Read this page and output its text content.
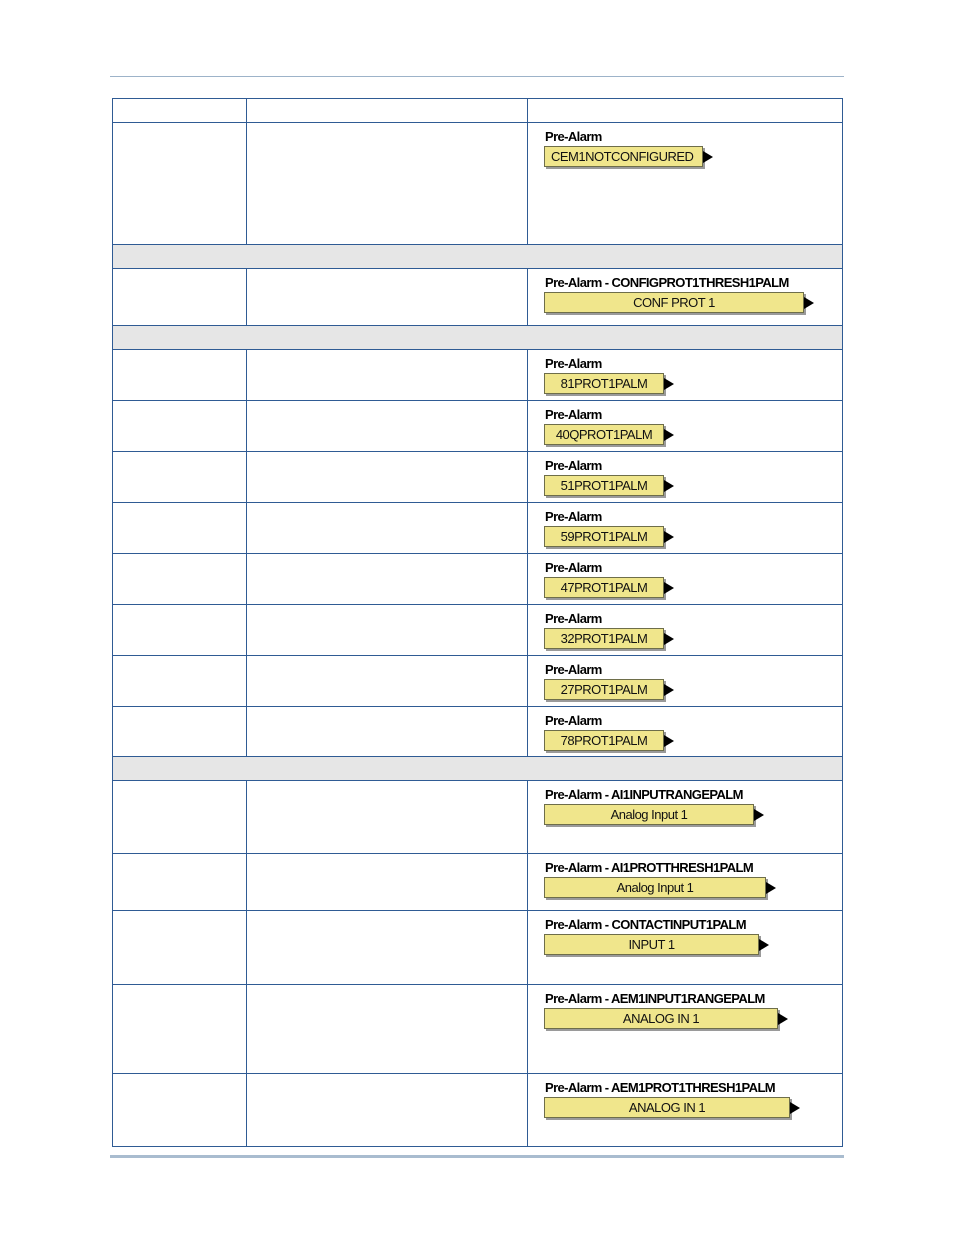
		Pre-Alarm
CEM1NOTCONFIGURED

		Pre-Alarm - CONFIGPROT1THRESH1PALM
CONF PROT 1

		Pre-Alarm
81PROT1PALM

		Pre-Alarm
40QPROT1PALM

		Pre-Alarm
51PROT1PALM

		Pre-Alarm
59PROT1PALM

		Pre-Alarm
47PROT1PALM

		Pre-Alarm
32PROT1PALM

		Pre-Alarm
27PROT1PALM

		Pre-Alarm
78PROT1PALM

		Pre-Alarm - AI1INPUTRANGEPALM
Analog Input 1

		Pre-Alarm - AI1PROTTHRESH1PALM
Analog Input 1

		Pre-Alarm - CONTACTINPUT1PALM
INPUT 1

		Pre-Alarm - AEM1INPUT1RANGEPALM
ANALOG IN 1

		Pre-Alarm - AEM1PROT1THRESH1PALM
ANALOG IN 1
